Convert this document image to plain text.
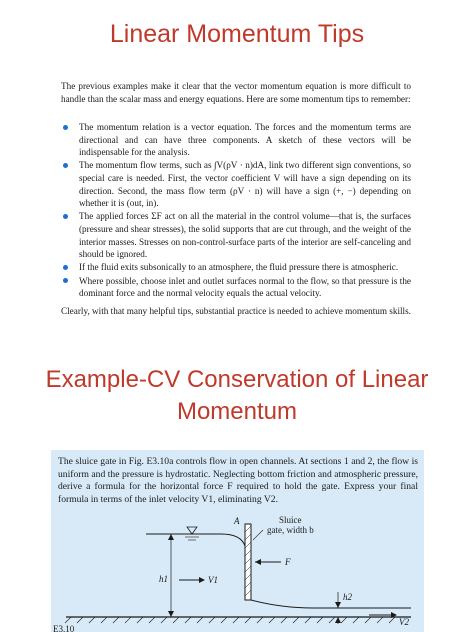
Linear Momentum Tips
The previous examples make it clear that the vector momentum equation is more difficult to handle than the scalar mass and energy equations. Here are some momentum tips to remember:
The momentum relation is a vector equation. The forces and the momentum terms are directional and can have three components. A sketch of these vectors will be indispensable for the analysis.
The momentum flow terms, such as ∫V(ρV · n)dA, link two different sign conventions, so special care is needed. First, the vector coefficient V will have a sign depending on its direction. Second, the mass flow term (ρV · n) will have a sign (+, −) depending on whether it is (out, in).
The applied forces ΣF act on all the material in the control volume—that is, the surfaces (pressure and shear stresses), the solid supports that are cut through, and the weight of the interior masses. Stresses on non-control-surface parts of the interior are self-canceling and should be ignored.
If the fluid exits subsonically to an atmosphere, the fluid pressure there is atmospheric.
Where possible, choose inlet and outlet surfaces normal to the flow, so that pressure is the dominant force and the normal velocity equals the actual velocity.
Clearly, with that many helpful tips, substantial practice is needed to achieve momentum skills.
Example-CV Conservation of Linear
Momentum
The sluice gate in Fig. E3.10a controls flow in open channels. At sections 1 and 2, the flow is uniform and the pressure is hydrostatic. Neglecting bottom friction and atmospheric pressure, derive a formula for the horizontal force F required to hold the gate. Express your final formula in terms of the inlet velocity V1, eliminating V2.
A	Sluice
gate, width b
F
h1	V1
h2
V2
E3.10
